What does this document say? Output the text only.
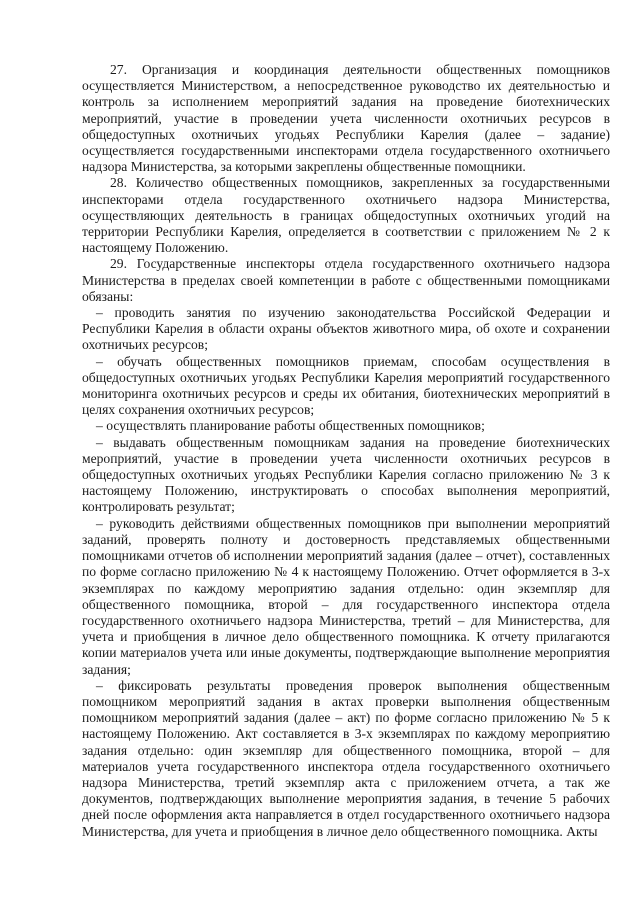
27. Организация и координация деятельности общественных помощников осуществляется Министерством, а непосредственное руководство их деятельностью и контроль за исполнением мероприятий задания на проведение биотехнических мероприятий, участие в проведении учета численности охотничьих ресурсов в общедоступных охотничьих угодьях Республики Карелия (далее – задание) осуществляется государственными инспекторами отдела государственного охотничьего надзора Министерства, за которыми закреплены общественные помощники.

28. Количество общественных помощников, закрепленных за государственными инспекторами отдела государственного охотничьего надзора Министерства, осуществляющих деятельность в границах общедоступных охотничьих угодий на территории Республики Карелия, определяется в соответствии с приложением № 2 к настоящему Положению.

29. Государственные инспекторы отдела государственного охотничьего надзора Министерства в пределах своей компетенции в работе с общественными помощниками обязаны:

– проводить занятия по изучению законодательства Российской Федерации и Республики Карелия в области охраны объектов животного мира, об охоте и сохранении охотничьих ресурсов;

– обучать общественных помощников приемам, способам осуществления в общедоступных охотничьих угодьях Республики Карелия мероприятий государственного мониторинга охотничьих ресурсов и среды их обитания, биотехнических мероприятий в целях сохранения охотничьих ресурсов;

– осуществлять планирование работы общественных помощников;

– выдавать общественным помощникам задания на проведение биотехнических мероприятий, участие в проведении учета численности охотничьих ресурсов в общедоступных охотничьих угодьях Республики Карелия согласно приложению № 3 к настоящему Положению, инструктировать о способах выполнения мероприятий, контролировать результат;

– руководить действиями общественных помощников при выполнении мероприятий заданий, проверять полноту и достоверность представляемых общественными помощниками отчетов об исполнении мероприятий задания (далее – отчет), составленных по форме согласно приложению № 4 к настоящему Положению. Отчет оформляется в 3-х экземплярах по каждому мероприятию задания отдельно: один экземпляр для общественного помощника, второй – для государственного инспектора отдела государственного охотничьего надзора Министерства, третий – для Министерства, для учета и приобщения в личное дело общественного помощника. К отчету прилагаются копии материалов учета или иные документы, подтверждающие выполнение мероприятия задания;

– фиксировать результаты проведения проверок выполнения общественным помощником мероприятий задания в актах проверки выполнения общественным помощником мероприятий задания (далее – акт) по форме согласно приложению № 5 к настоящему Положению. Акт составляется в 3-х экземплярах по каждому мероприятию задания отдельно: один экземпляр для общественного помощника, второй – для материалов учета государственного инспектора отдела государственного охотничьего надзора Министерства, третий экземпляр акта с приложением отчета, а так же документов, подтверждающих выполнение мероприятия задания, в течение 5 рабочих дней после оформления акта направляется в отдел государственного охотничьего надзора Министерства, для учета и приобщения в личное дело общественного помощника. Акты
